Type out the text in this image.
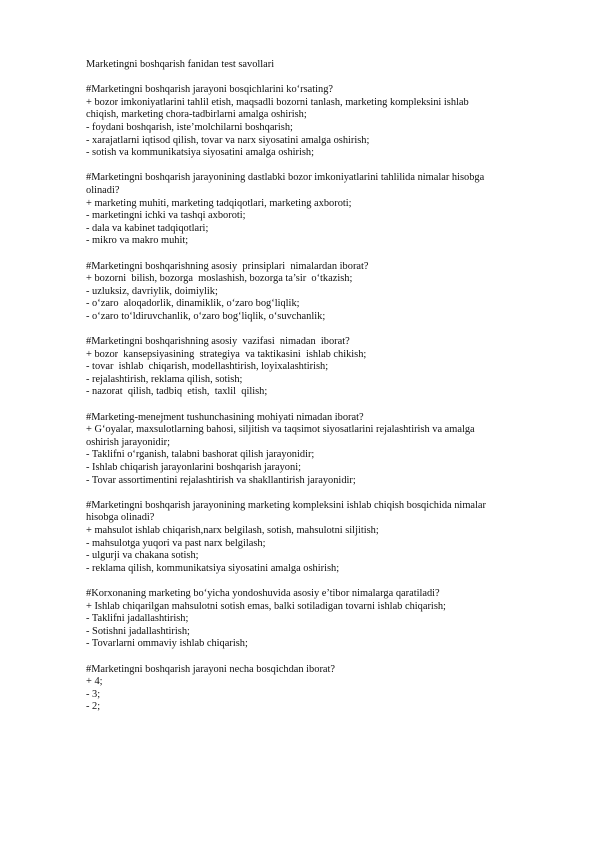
Marketingni boshqarish fanidan test savollari

#Marketingni boshqarish jarayoni bosqichlarini ko‘rsating?
+ bozor imkoniyatlarini tahlil etish, maqsadli bozorni tanlash, marketing kompleksini ishlab
chiqish, marketing chora-tadbirlarni amalga oshirish;
- foydani boshqarish, iste’molchilarni boshqarish;
- xarajatlarni iqtisod qilish, tovar va narx siyosatini amalga oshirish;
- sotish va kommunikatsiya siyosatini amalga oshirish;
#Marketingni boshqarish jarayonining dastlabki bozor imkoniyatlarini tahlilida nimalar hisobga
olinadi?
+ marketing muhiti, marketing tadqiqotlari, marketing axboroti;
- marketingni ichki va tashqi axboroti;
- dala va kabinet tadqiqotlari;
- mikro va makro muhit;
#Marketingni boshqarishning asosiy  prinsiplari  nimalardan iborat?
+ bozorni  bilish, bozorga  moslashish, bozorga ta’sir  o‘tkazish;
- uzluksiz, davriylik, doimiylik;
- o‘zaro  aloqadorlik, dinamiklik, o‘zaro bog‘liqlik;
- o‘zaro to‘ldiruvchanlik, o‘zaro bog‘liqlik, o‘suvchanlik;
#Marketingni boshqarishning asosiy  vazifasi  nimadan  iborat?
+ bozor  kansepsiyasining  strategiya  va taktikasini  ishlab chikish;
- tovar  ishlab  chiqarish, modellashtirish, loyixalashtirish;
- rejalashtirish, reklama qilish, sotish;
- nazorat  qilish, tadbiq  etish,  taxlil  qilish;
#Marketing-menejment tushunchasining mohiyati nimadan iborat?
+ G‘oyalar, maxsulotlarning bahosi, siljitish va taqsimot siyosatlarini rejalashtirish va amalga
oshirish jarayonidir;
- Taklifni o‘rganish, talabni bashorat qilish jarayonidir;
- Ishlab chiqarish jarayonlarini boshqarish jarayoni;
- Tovar assortimentini rejalashtirish va shakllantirish jarayonidir;
#Marketingni boshqarish jarayonining marketing kompleksini ishlab chiqish bosqichida nimalar
hisobga olinadi?
+ mahsulot ishlab chiqarish,narx belgilash, sotish, mahsulotni siljitish;
- mahsulotga yuqori va past narx belgilash;
- ulgurji va chakana sotish;
- reklama qilish, kommunikatsiya siyosatini amalga oshirish;
#Korxonaning marketing bo‘yicha yondoshuvida asosiy e’tibor nimalarga qaratiladi?
+ Ishlab chiqarilgan mahsulotni sotish emas, balki sotiladigan tovarni ishlab chiqarish;
- Taklifni jadallashtirish;
- Sotishni jadallashtirish;
- Tovarlarni ommaviy ishlab chiqarish;
#Marketingni boshqarish jarayoni necha bosqichdan iborat?
+ 4;
- 3;
- 2;
